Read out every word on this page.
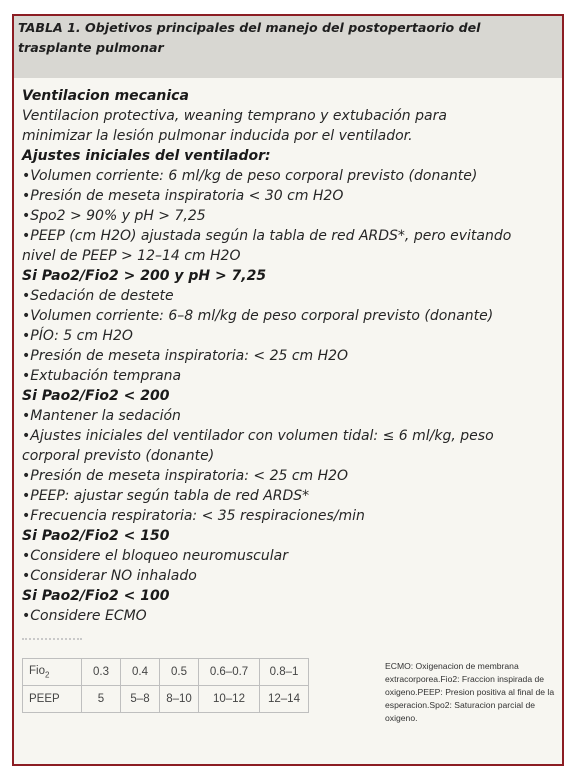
TABLA 1. Objetivos principales del manejo del postopertaorio del trasplante pulmonar
Ventilacion mecanica
Ventilacion protectiva, weaning temprano y extubación para
minimizar la lesión pulmonar inducida por el ventilador.
Ajustes iniciales del ventilador:
• Volumen corriente: 6 ml/kg de peso corporal previsto (donante)
• Presión de meseta inspiratoria < 30 cm H2O
• Spo2 > 90% y pH > 7,25
• PEEP (cm H2O) ajustada según la tabla de red ARDS*, pero evitando
nivel de PEEP > 12–14 cm H2O
Si Pao2/Fio2 > 200 y pH > 7,25
• Sedación de destete
• Volumen corriente: 6–8 ml/kg de peso corporal previsto (donante)
• PÍO: 5 cm H2O
• Presión de meseta inspiratoria: < 25 cm H2O
• Extubación temprana
Si Pao2/Fio2 < 200
• Mantener la sedación
• Ajustes iniciales del ventilador con volumen tidal: ≤ 6 ml/kg, peso
corporal previsto (donante)
• Presión de meseta inspiratoria: < 25 cm H2O
• PEEP: ajustar según tabla de red ARDS*
• Frecuencia respiratoria: < 35 respiraciones/min
Si Pao2/Fio2 < 150
• Considere el bloqueo neuromuscular
• Considerar NO inhalado
Si Pao2/Fio2 < 100
• Considere ECMO
Fio$_2$	0.3	0.4	0.5	0.6–0.7	0.8–1
PEEP	5	5–8	8–10	10–12	12–14
ECMO: Oxigenacion de membrana extracorporea.Fio2: Fraccion inspirada de oxigeno.PEEP: Presion positiva al final de la esperacion.Spo2: Saturacion parcial de oxigeno.
